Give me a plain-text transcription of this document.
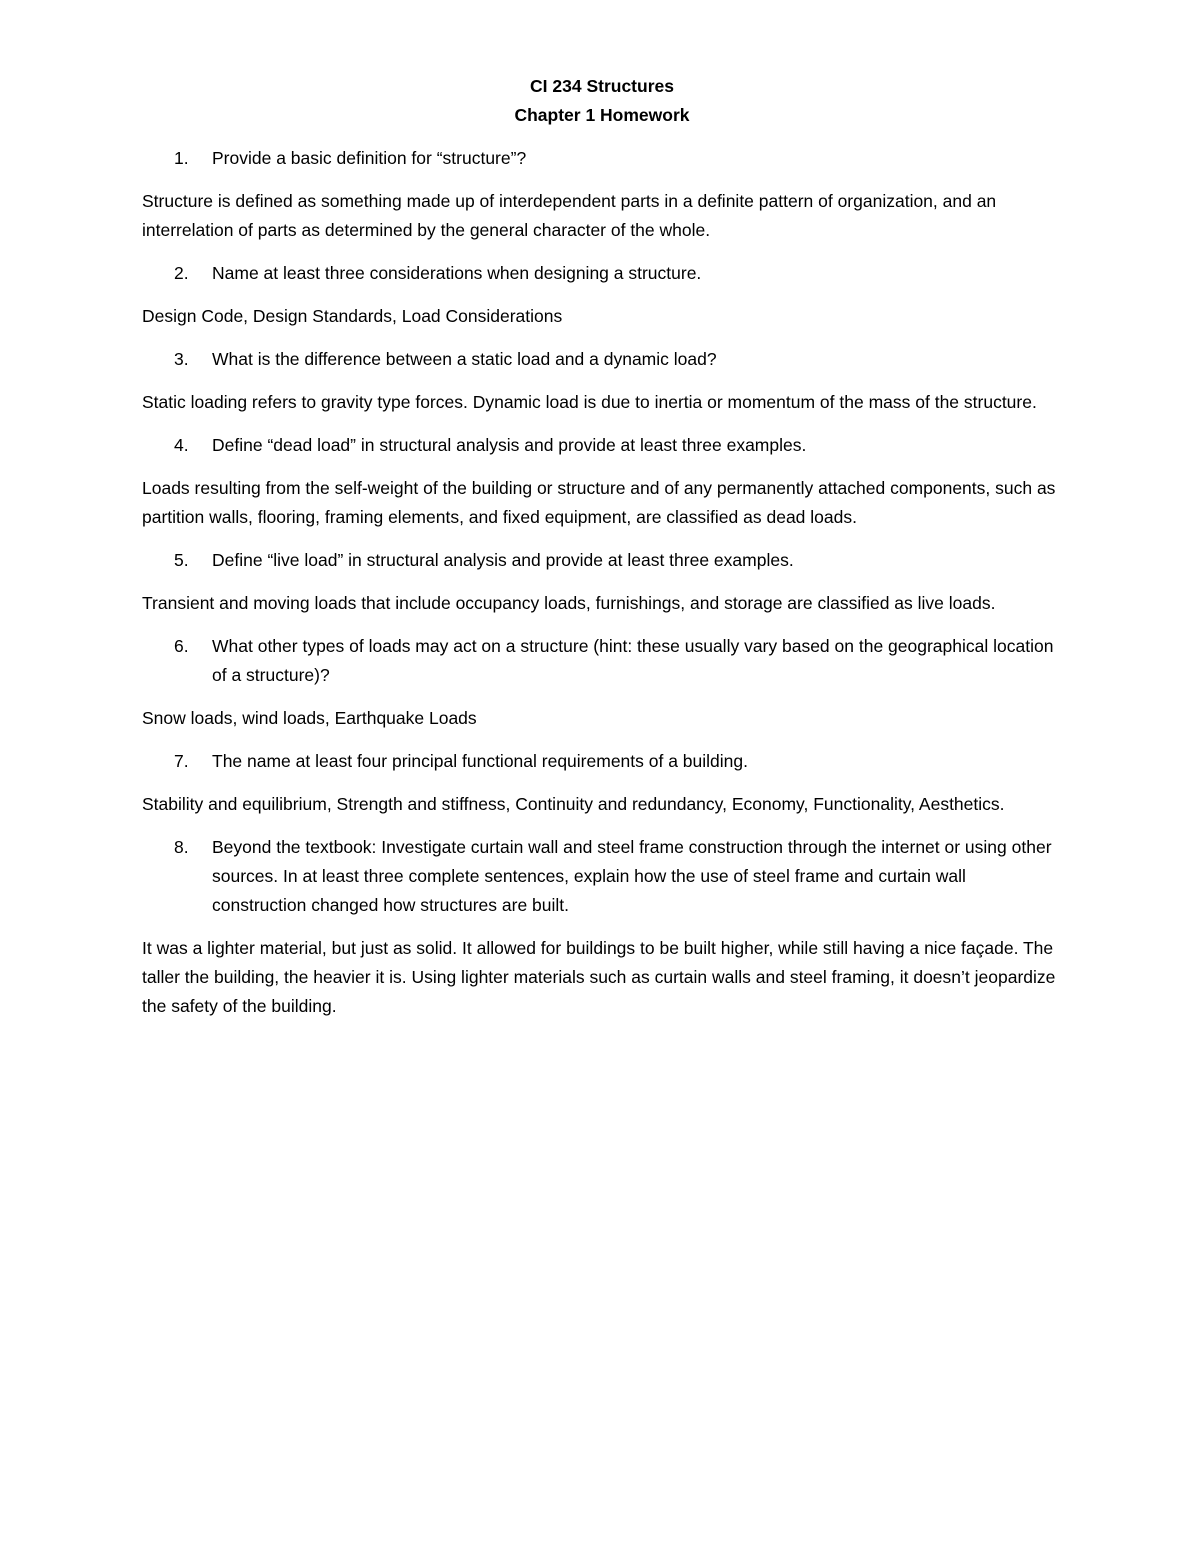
CI 234 Structures

Chapter 1 Homework

1.	Provide a basic definition for “structure”?

Structure is defined as something made up of interdependent parts in a definite pattern of organization, and an interrelation of parts as determined by the general character of the whole.

2.	Name at least three considerations when designing a structure.

Design Code, Design Standards, Load Considerations

3.	What is the difference between a static load and a dynamic load?

Static loading refers to gravity type forces. Dynamic load is due to inertia or momentum of the mass of the structure.

4.	Define “dead load” in structural analysis and provide at least three examples.

Loads resulting from the self-weight of the building or structure and of any permanently attached components, such as partition walls, flooring, framing elements, and fixed equipment, are classified as dead loads.

5.	Define “live load” in structural analysis and provide at least three examples.

Transient and moving loads that include occupancy loads, furnishings, and storage are classified as live loads.

6.	What other types of loads may act on a structure (hint: these usually vary based on the geographical location of a structure)?

Snow loads, wind loads, Earthquake Loads

7.	The name at least four principal functional requirements of a building.

Stability and equilibrium, Strength and stiffness, Continuity and redundancy, Economy, Functionality, Aesthetics.

8.	Beyond the textbook: Investigate curtain wall and steel frame construction through the internet or using other sources. In at least three complete sentences, explain how the use of steel frame and curtain wall construction changed how structures are built.

It was a lighter material, but just as solid. It allowed for buildings to be built higher, while still having a nice façade. The taller the building, the heavier it is. Using lighter materials such as curtain walls and steel framing, it doesn’t jeopardize the safety of the building.
